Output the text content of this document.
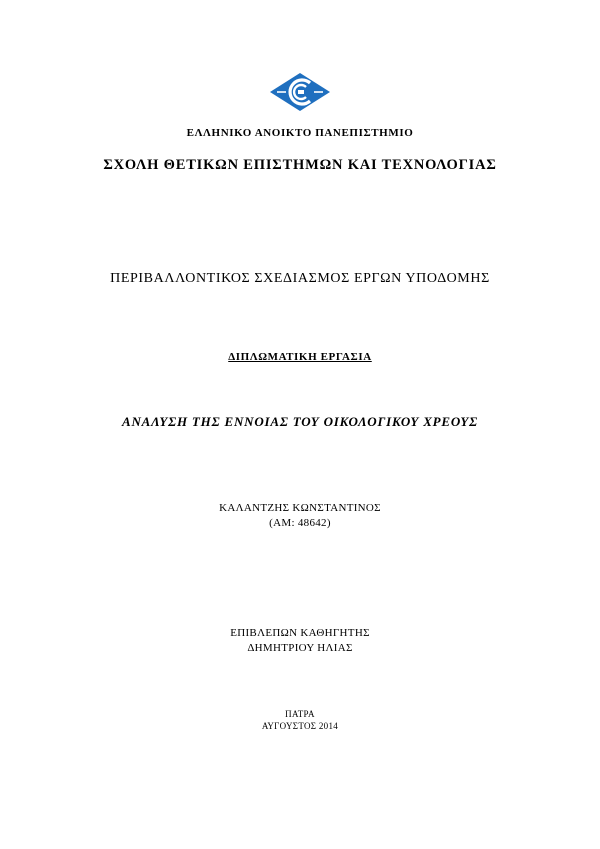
ΕΛΛΗΝΙΚΟ ΑΝΟΙΚΤΟ ΠΑΝΕΠΙΣΤΗΜΙΟ
ΣΧΟΛΗ ΘΕΤΙΚΩΝ ΕΠΙΣΤΗΜΩΝ ΚΑΙ ΤΕΧΝΟΛΟΓΙΑΣ
ΠΕΡΙΒΑΛΛΟΝΤΙΚΟΣ ΣΧΕΔΙΑΣΜΟΣ ΕΡΓΩΝ ΥΠΟΔΟΜΗΣ
ΔΙΠΛΩΜΑΤΙΚΗ ΕΡΓΑΣΙΑ
ΑΝΑΛΥΣΗ ΤΗΣ ΕΝΝΟΙΑΣ ΤΟΥ ΟΙΚΟΛΟΓΙΚΟΥ ΧΡΕΟΥΣ
ΚΑΛΑΝΤΖΗΣ ΚΩΝΣΤΑΝΤΙΝΟΣ
(ΑΜ: 48642)
ΕΠΙΒΛΕΠΩΝ ΚΑΘΗΓΗΤΗΣ
ΔΗΜΗΤΡΙΟΥ ΗΛΙΑΣ
ΠΑΤΡΑ
ΑΥΓΟΥΣΤΟΣ 2014
